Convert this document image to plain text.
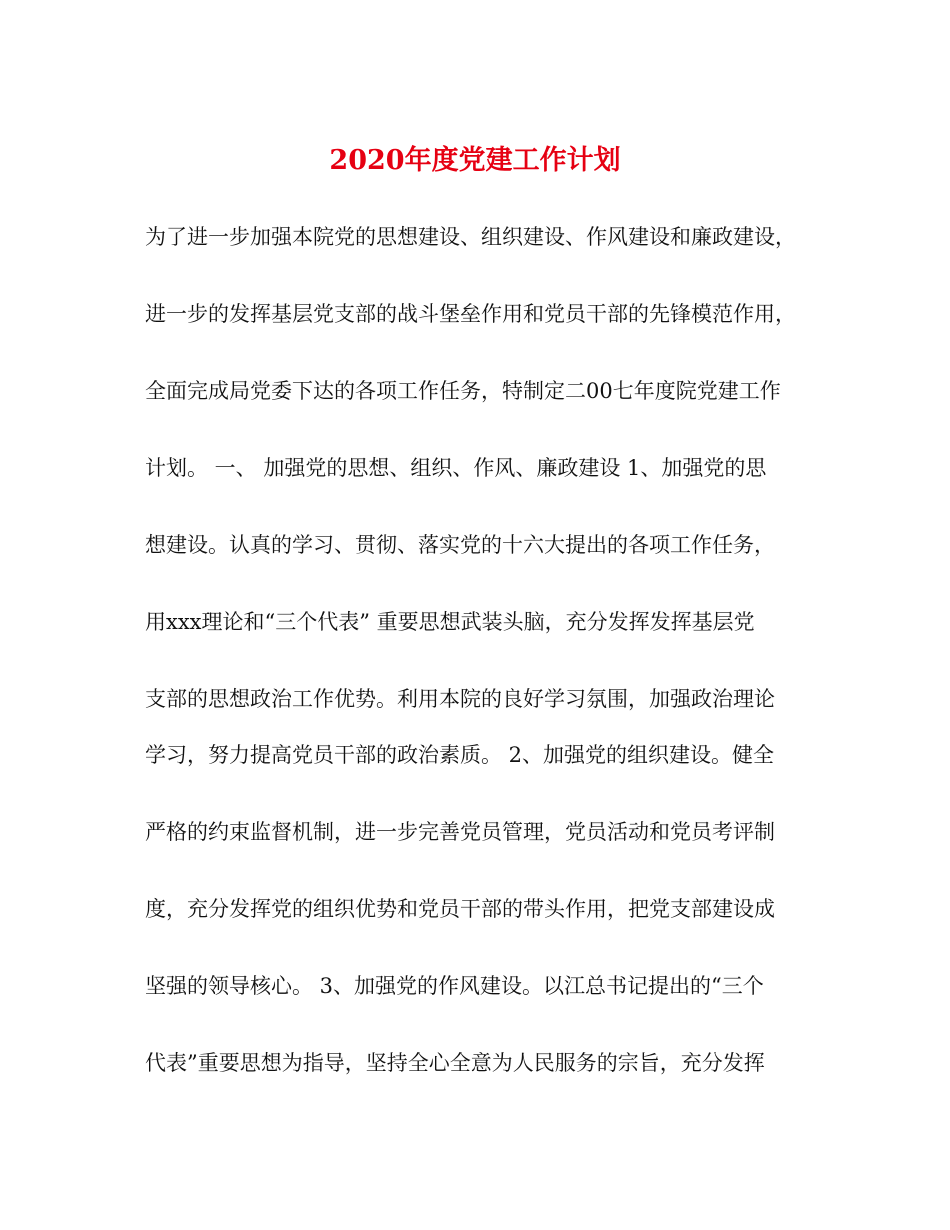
2020年度党建工作计划

为了进一步加强本院党的思想建设、组织建设、作风建设和廉政建设，

进一步的发挥基层党支部的战斗堡垒作用和党员干部的先锋模范作用，

全面完成局党委下达的各项工作任务，特制定二00七年度院党建工作

计划。 一、 加强党的思想、组织、作风、廉政建设 1、加强党的思

想建设。认真的学习、贯彻、落实党的十六大提出的各项工作任务，

用xxx理论和“三个代表” 重要思想武装头脑，充分发挥发挥基层党

支部的思想政治工作优势。利用本院的良好学习氛围，加强政治理论

学习，努力提高党员干部的政治素质。 2、加强党的组织建设。健全

严格的约束监督机制，进一步完善党员管理，党员活动和党员考评制

度，充分发挥党的组织优势和党员干部的带头作用，把党支部建设成

坚强的领导核心。 3、加强党的作风建设。以江总书记提出的“三个

代表”重要思想为指导，坚持全心全意为人民服务的宗旨，充分发挥
